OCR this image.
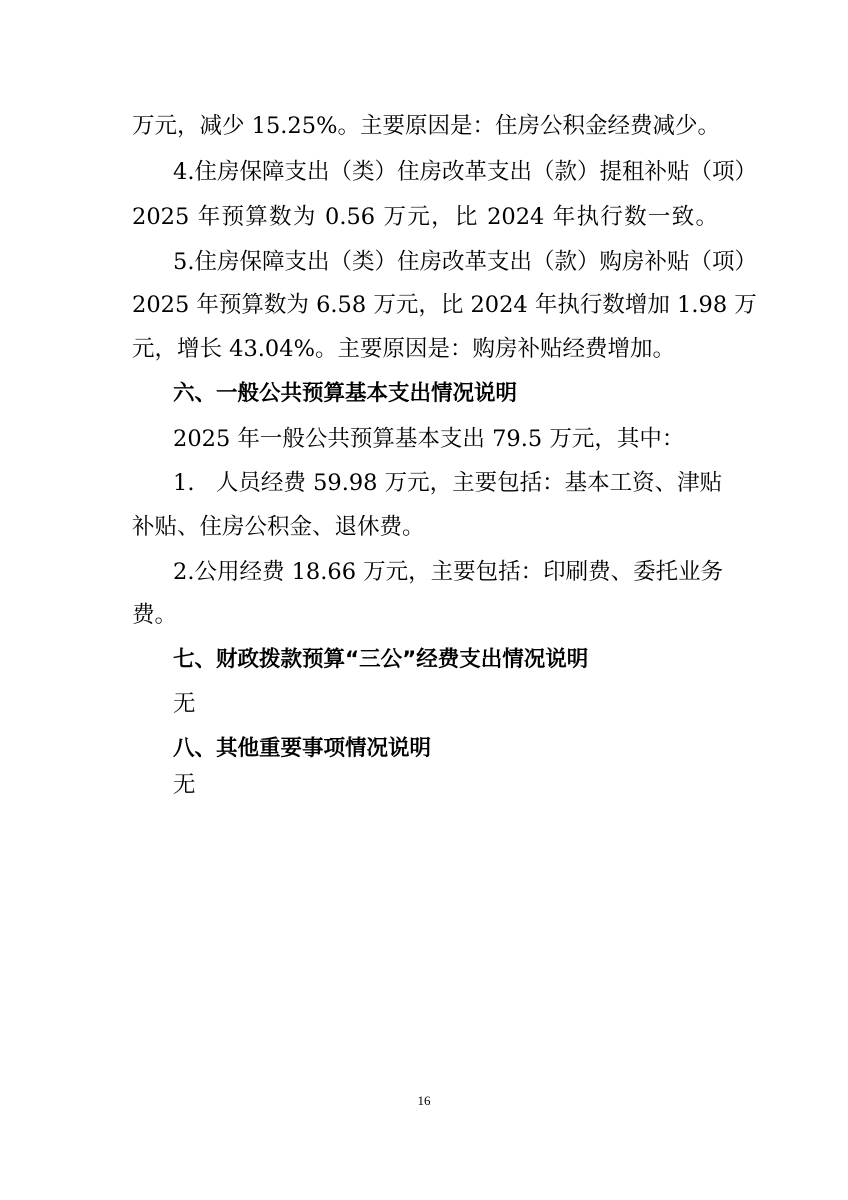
万元，减少 15.25%。主要原因是：住房公积金经费减少。

4.住房保障支出（类）住房改革支出（款）提租补贴（项）

2025 年预算数为 0.56 万元，比 2024 年执行数一致。

5.住房保障支出（类）住房改革支出（款）购房补贴（项）

2025 年预算数为 6.58 万元，比 2024 年执行数增加 1.98 万

元，增长 43.04%。主要原因是：购房补贴经费增加。

六、一般公共预算基本支出情况说明

2025 年一般公共预算基本支出 79.5 万元，其中：

1.   人员经费 59.98 万元，主要包括：基本工资、津贴

补贴、住房公积金、退休费。

2.公用经费 18.66 万元，主要包括：印刷费、委托业务

费。

七、财政拨款预算“三公”经费支出情况说明

无

八、其他重要事项情况说明

无

16
